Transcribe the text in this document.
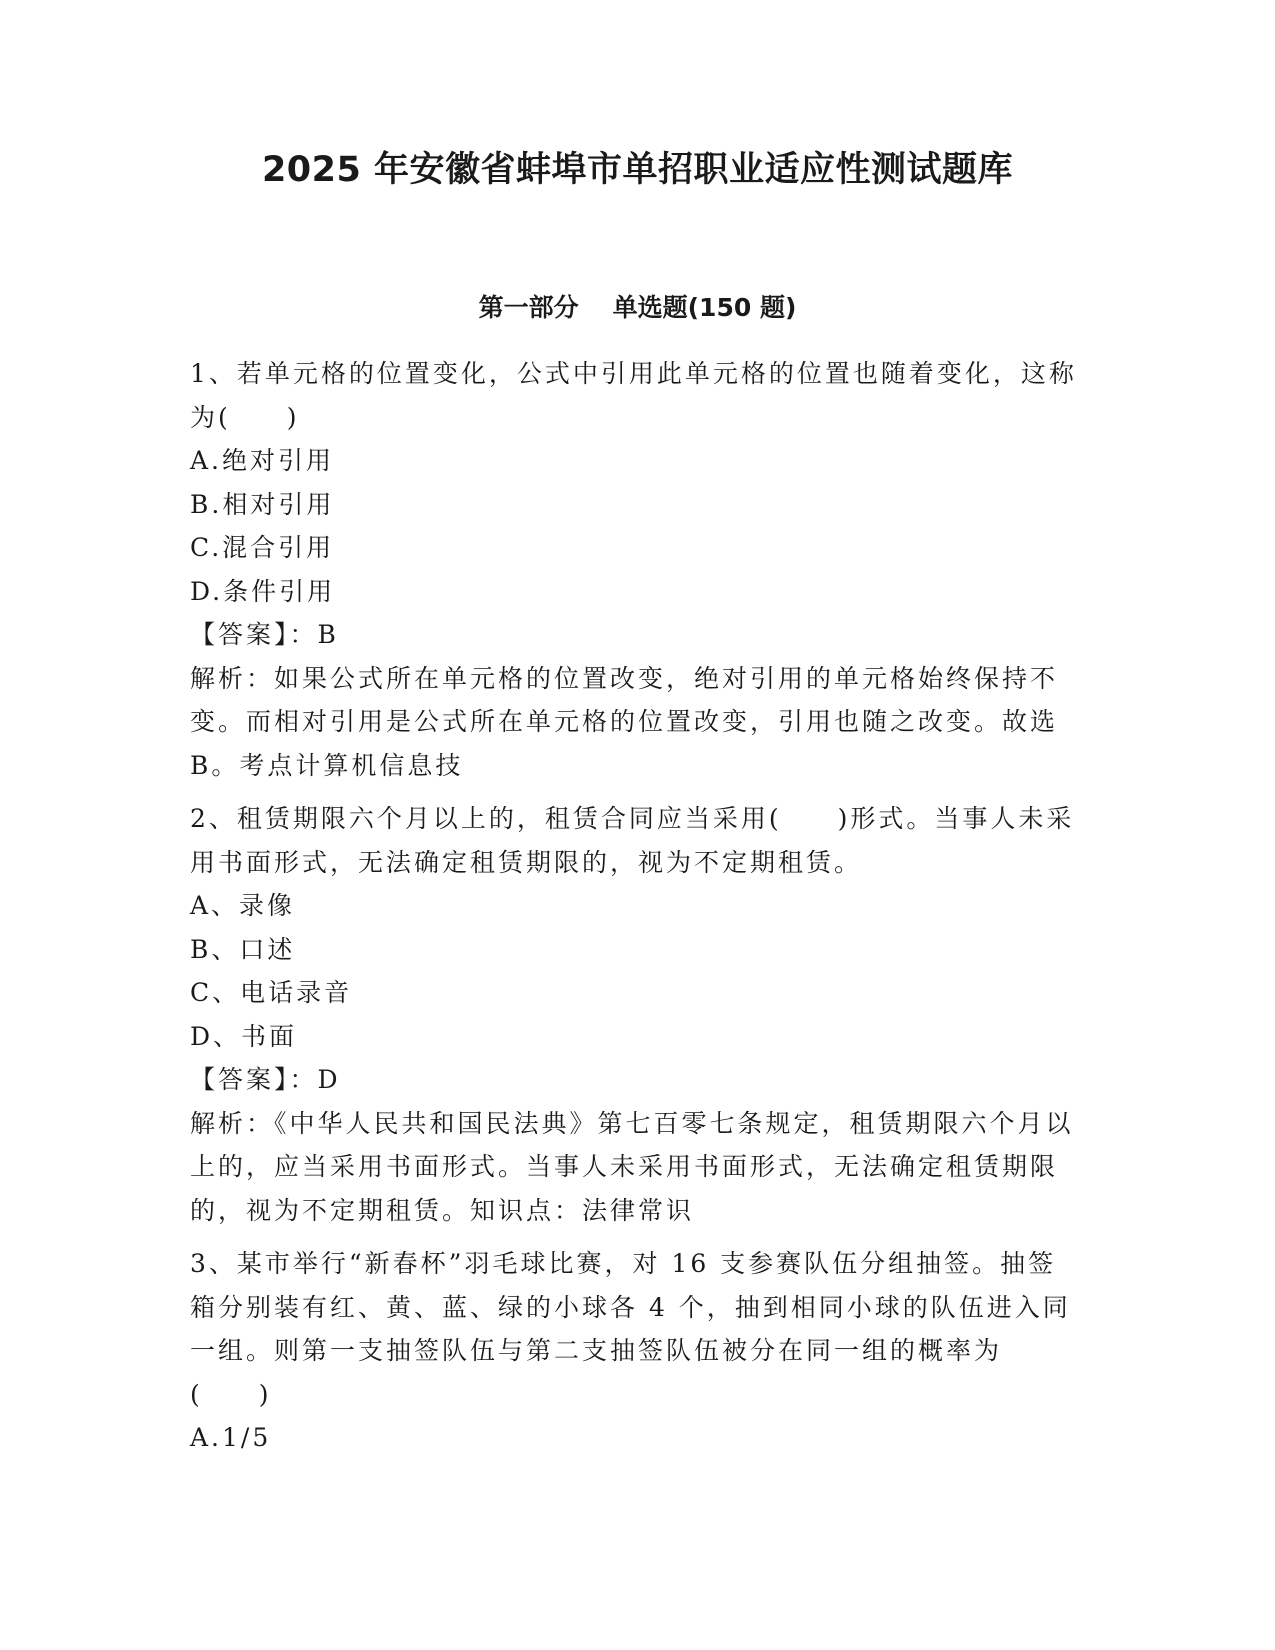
2025 年安徽省蚌埠市单招职业适应性测试题库
第一部分 单选题(150 题)

1、若单元格的位置变化，公式中引用此单元格的位置也随着变化，这称为(　　)

A.绝对引用

B.相对引用

C.混合引用

D.条件引用

【答案】：B

解析：如果公式所在单元格的位置改变，绝对引用的单元格始终保持不变。而相对引用是公式所在单元格的位置改变，引用也随之改变。故选 B。考点计算机信息技

2、租赁期限六个月以上的，租赁合同应当采用(　　)形式。当事人未采用书面形式，无法确定租赁期限的，视为不定期租赁。

A、录像

B、口述

C、电话录音

D、书面

【答案】：D

解析：《中华人民共和国民法典》第七百零七条规定，租赁期限六个月以上的，应当采用书面形式。当事人未采用书面形式，无法确定租赁期限的，视为不定期租赁。知识点：法律常识

3、某市举行“新春杯”羽毛球比赛，对 16 支参赛队伍分组抽签。抽签箱分别装有红、黄、蓝、绿的小球各 4 个，抽到相同小球的队伍进入同一组。则第一支抽签队伍与第二支抽签队伍被分在同一组的概率为(　　)

A.1/5
